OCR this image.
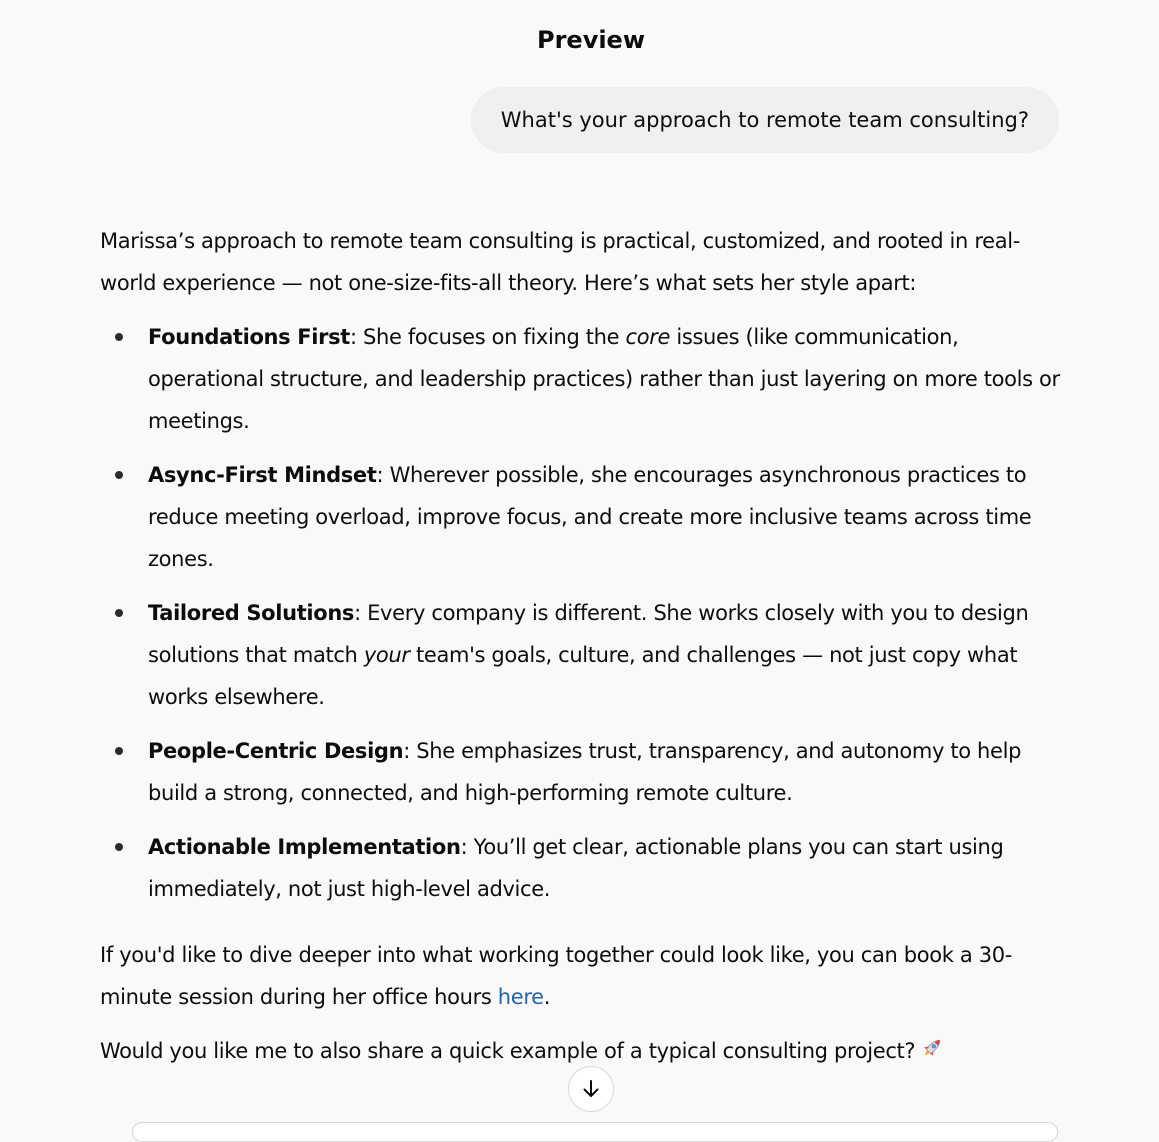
Preview
What's your approach to remote team consulting?

Marissa’s approach to remote team consulting is practical, customized, and rooted in real-world experience — not one-size-fits-all theory. Here’s what sets her style apart:

Foundations First: She focuses on fixing the core issues (like communication, operational structure, and leadership practices) rather than just layering on more tools or meetings.
Async-First Mindset: Wherever possible, she encourages asynchronous practices to reduce meeting overload, improve focus, and create more inclusive teams across time zones.
Tailored Solutions: Every company is different. She works closely with you to design solutions that match your team's goals, culture, and challenges — not just copy what works elsewhere.
People-Centric Design: She emphasizes trust, transparency, and autonomy to help build a strong, connected, and high-performing remote culture.
Actionable Implementation: You’ll get clear, actionable plans you can start using immediately, not just high-level advice.

If you'd like to dive deeper into what working together could look like, you can book a 30-minute session during her office hours here.

Would you like me to also share a quick example of a typical consulting project?
